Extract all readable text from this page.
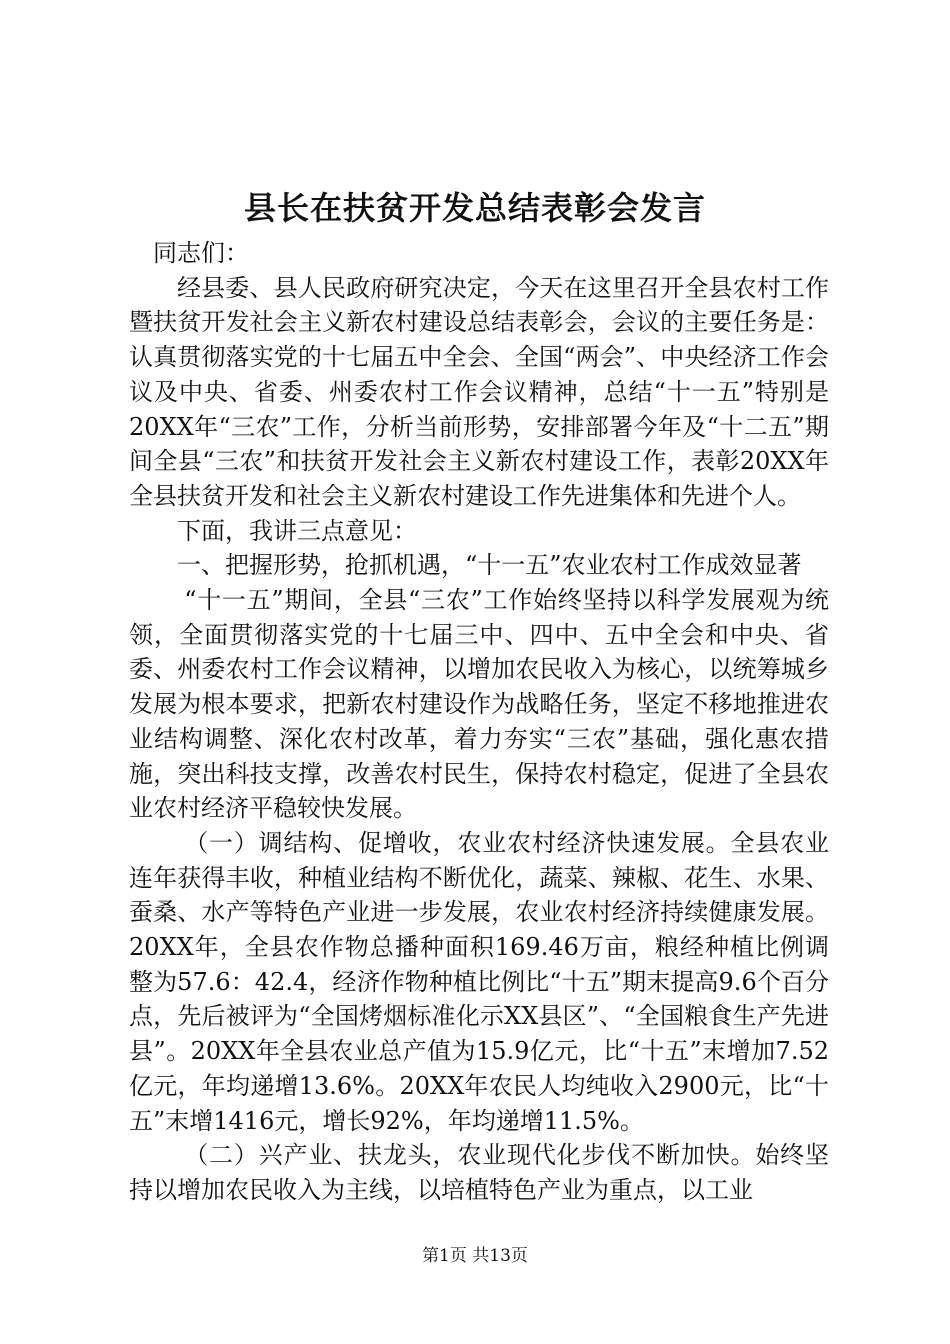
县长在扶贫开发总结表彰会发言

同志们：

经县委、县人民政府研究决定，今天在这里召开全县农村工作暨扶贫开发社会主义新农村建设总结表彰会，会议的主要任务是：认真贯彻落实党的十七届五中全会、全国“两会”、中央经济工作会议及中央、省委、州委农村工作会议精神，总结“十一五”特别是20XX年“三农”工作，分析当前形势，安排部署今年及“十二五”期间全县“三农”和扶贫开发社会主义新农村建设工作，表彰20XX年全县扶贫开发和社会主义新农村建设工作先进集体和先进个人。

下面，我讲三点意见：

一、把握形势，抢抓机遇，“十一五”农业农村工作成效显著

“十一五”期间，全县“三农”工作始终坚持以科学发展观为统领，全面贯彻落实党的十七届三中、四中、五中全会和中央、省委、州委农村工作会议精神，以增加农民收入为核心，以统筹城乡发展为根本要求，把新农村建设作为战略任务，坚定不移地推进农业结构调整、深化农村改革，着力夯实“三农”基础，强化惠农措施，突出科技支撑，改善农村民生，保持农村稳定，促进了全县农业农村经济平稳较快发展。

（一）调结构、促增收，农业农村经济快速发展。全县农业连年获得丰收，种植业结构不断优化，蔬菜、辣椒、花生、水果、蚕桑、水产等特色产业进一步发展，农业农村经济持续健康发展。20XX年，全县农作物总播种面积169.46万亩，粮经种植比例调整为57.6：42.4，经济作物种植比例比“十五”期末提高9.6个百分点，先后被评为“全国烤烟标准化示XX县区”、“全国粮食生产先进县”。20XX年全县农业总产值为15.9亿元，比“十五”末增加7.52亿元，年均递增13.6%。20XX年农民人均纯收入2900元，比“十五”末增1416元，增长92%，年均递增11.5%。

（二）兴产业、扶龙头，农业现代化步伐不断加快。始终坚持以增加农民收入为主线，以培植特色产业为重点，以工业

第1页 共13页
